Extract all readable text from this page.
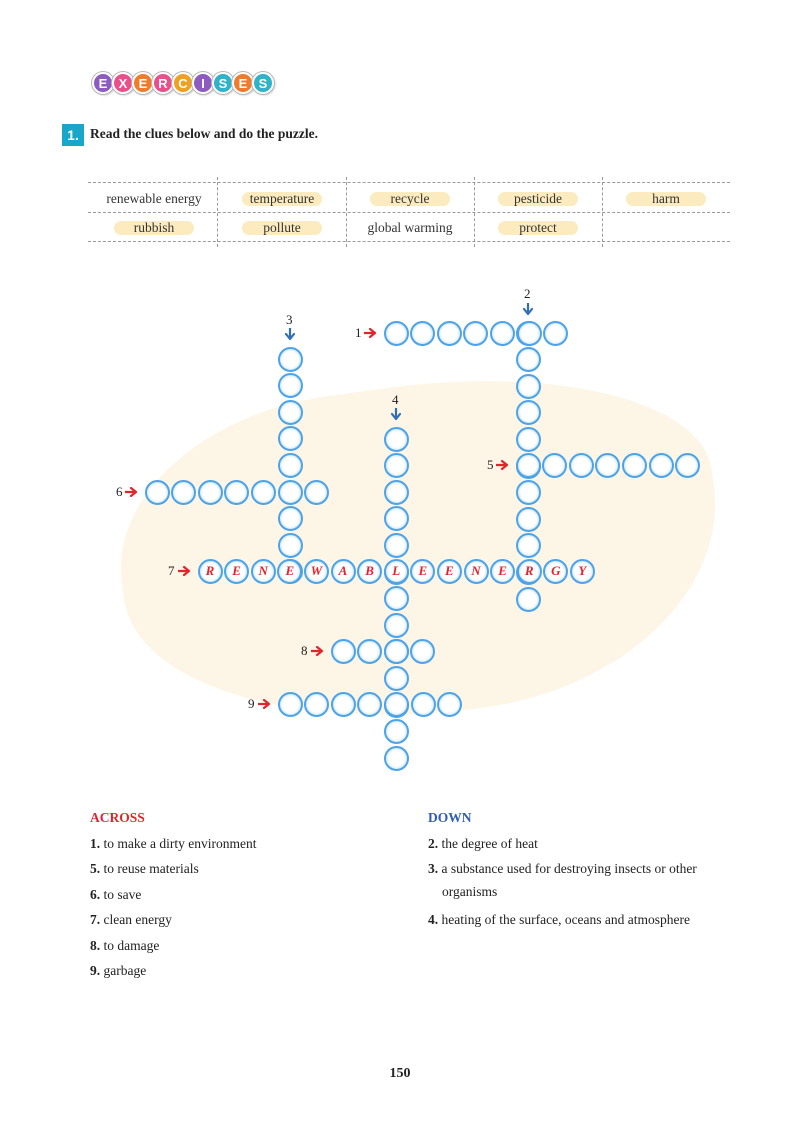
E X E R C	I	S E S
1. Read the clues below and do the puzzle.
renewable energy	temperature	recycle	pesticide	harm
rubbish	pollute	global warming	protect
ACROSS	DOWN
1. to make a dirty environment
5. to reuse materials
6. to save
7. clean energy
8. to damage
9. garbage
2. the degree of heat
3. a substance used for destroying insects or other
organisms
4. heating of the surface, oceans and atmosphere
150
R	E	N	E	W	A	B	L	E	E	N	E	R	G	Y
1
2
3
4
5
6
7
8
9
